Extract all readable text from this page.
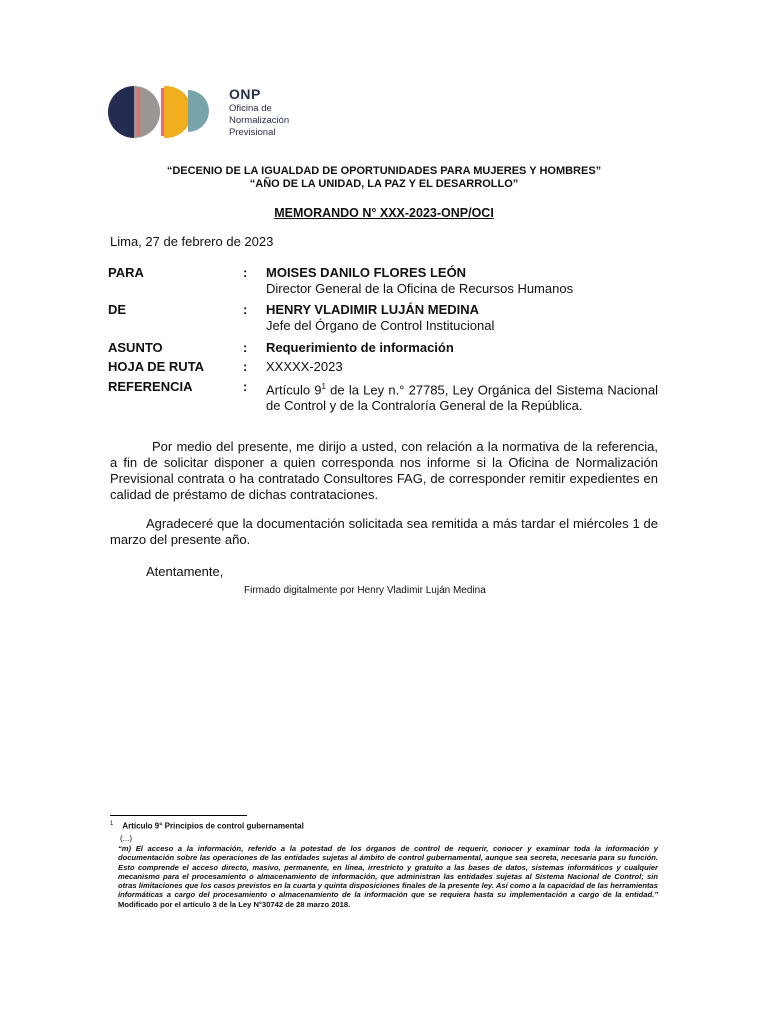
ONP
Oficina de
Normalización
Previsional
“DECENIO DE LA IGUALDAD DE OPORTUNIDADES PARA MUJERES Y HOMBRES”
“AÑO DE LA UNIDAD, LA PAZ Y EL DESARROLLO”
MEMORANDO N° XXX-2023-ONP/OCI
Lima, 27 de febrero de 2023
PARA	: MOISES DANILO FLORES LEÓN
Director General de la Oficina de Recursos Humanos
DE	: HENRY VLADIMIR LUJÁN MEDINA
Jefe del Órgano de Control Institucional
ASUNTO	: Requerimiento de información
HOJA DE RUTA	: XXXXX-2023
REFERENCIA	: Artículo $9^1$ de la Ley n.° 27785, Ley Orgánica del Sistema Nacional de Control y de la Contraloría General de la República.
Por medio del presente, me dirijo a usted, con relación a la normativa de la referencia, a fin de solicitar disponer a quien corresponda nos informe si la Oficina de Normalización Previsional contrata o ha contratado Consultores FAG, de corresponder remitir expedientes en calidad de préstamo de dichas contrataciones.
Agradeceré que la documentación solicitada sea remitida a más tardar el miércoles 1 de marzo del presente año.
Atentamente,
Firmado digitalmente por Henry Vladimir Luján Medina
$^1$ Artículo 9° Principios de control gubernamental
(...)
“m) El acceso a la información, referido a la potestad de los órganos de control de requerir, conocer y examinar toda la información y documentación sobre las operaciones de las entidades sujetas al ámbito de control gubernamental, aunque sea secreta, necesaria para su función. Esto comprende el acceso directo, masivo, permanente, en línea, irrestricto y gratuito a las bases de datos, sistemas informáticos y cualquier mecanismo para el procesamiento o almacenamiento de información, que administran las entidades sujetas al Sistema Nacional de Control; sin otras limitaciones que los casos previstos en la cuarta y quinta disposiciones finales de la presente ley. Así como a la capacidad de las herramientas informáticas a cargo del procesamiento o almacenamiento de la información que se requiera hasta su implementación a cargo de la entidad.” Modificado por el artículo 3 de la Ley N°30742 de 28 marzo 2018.
